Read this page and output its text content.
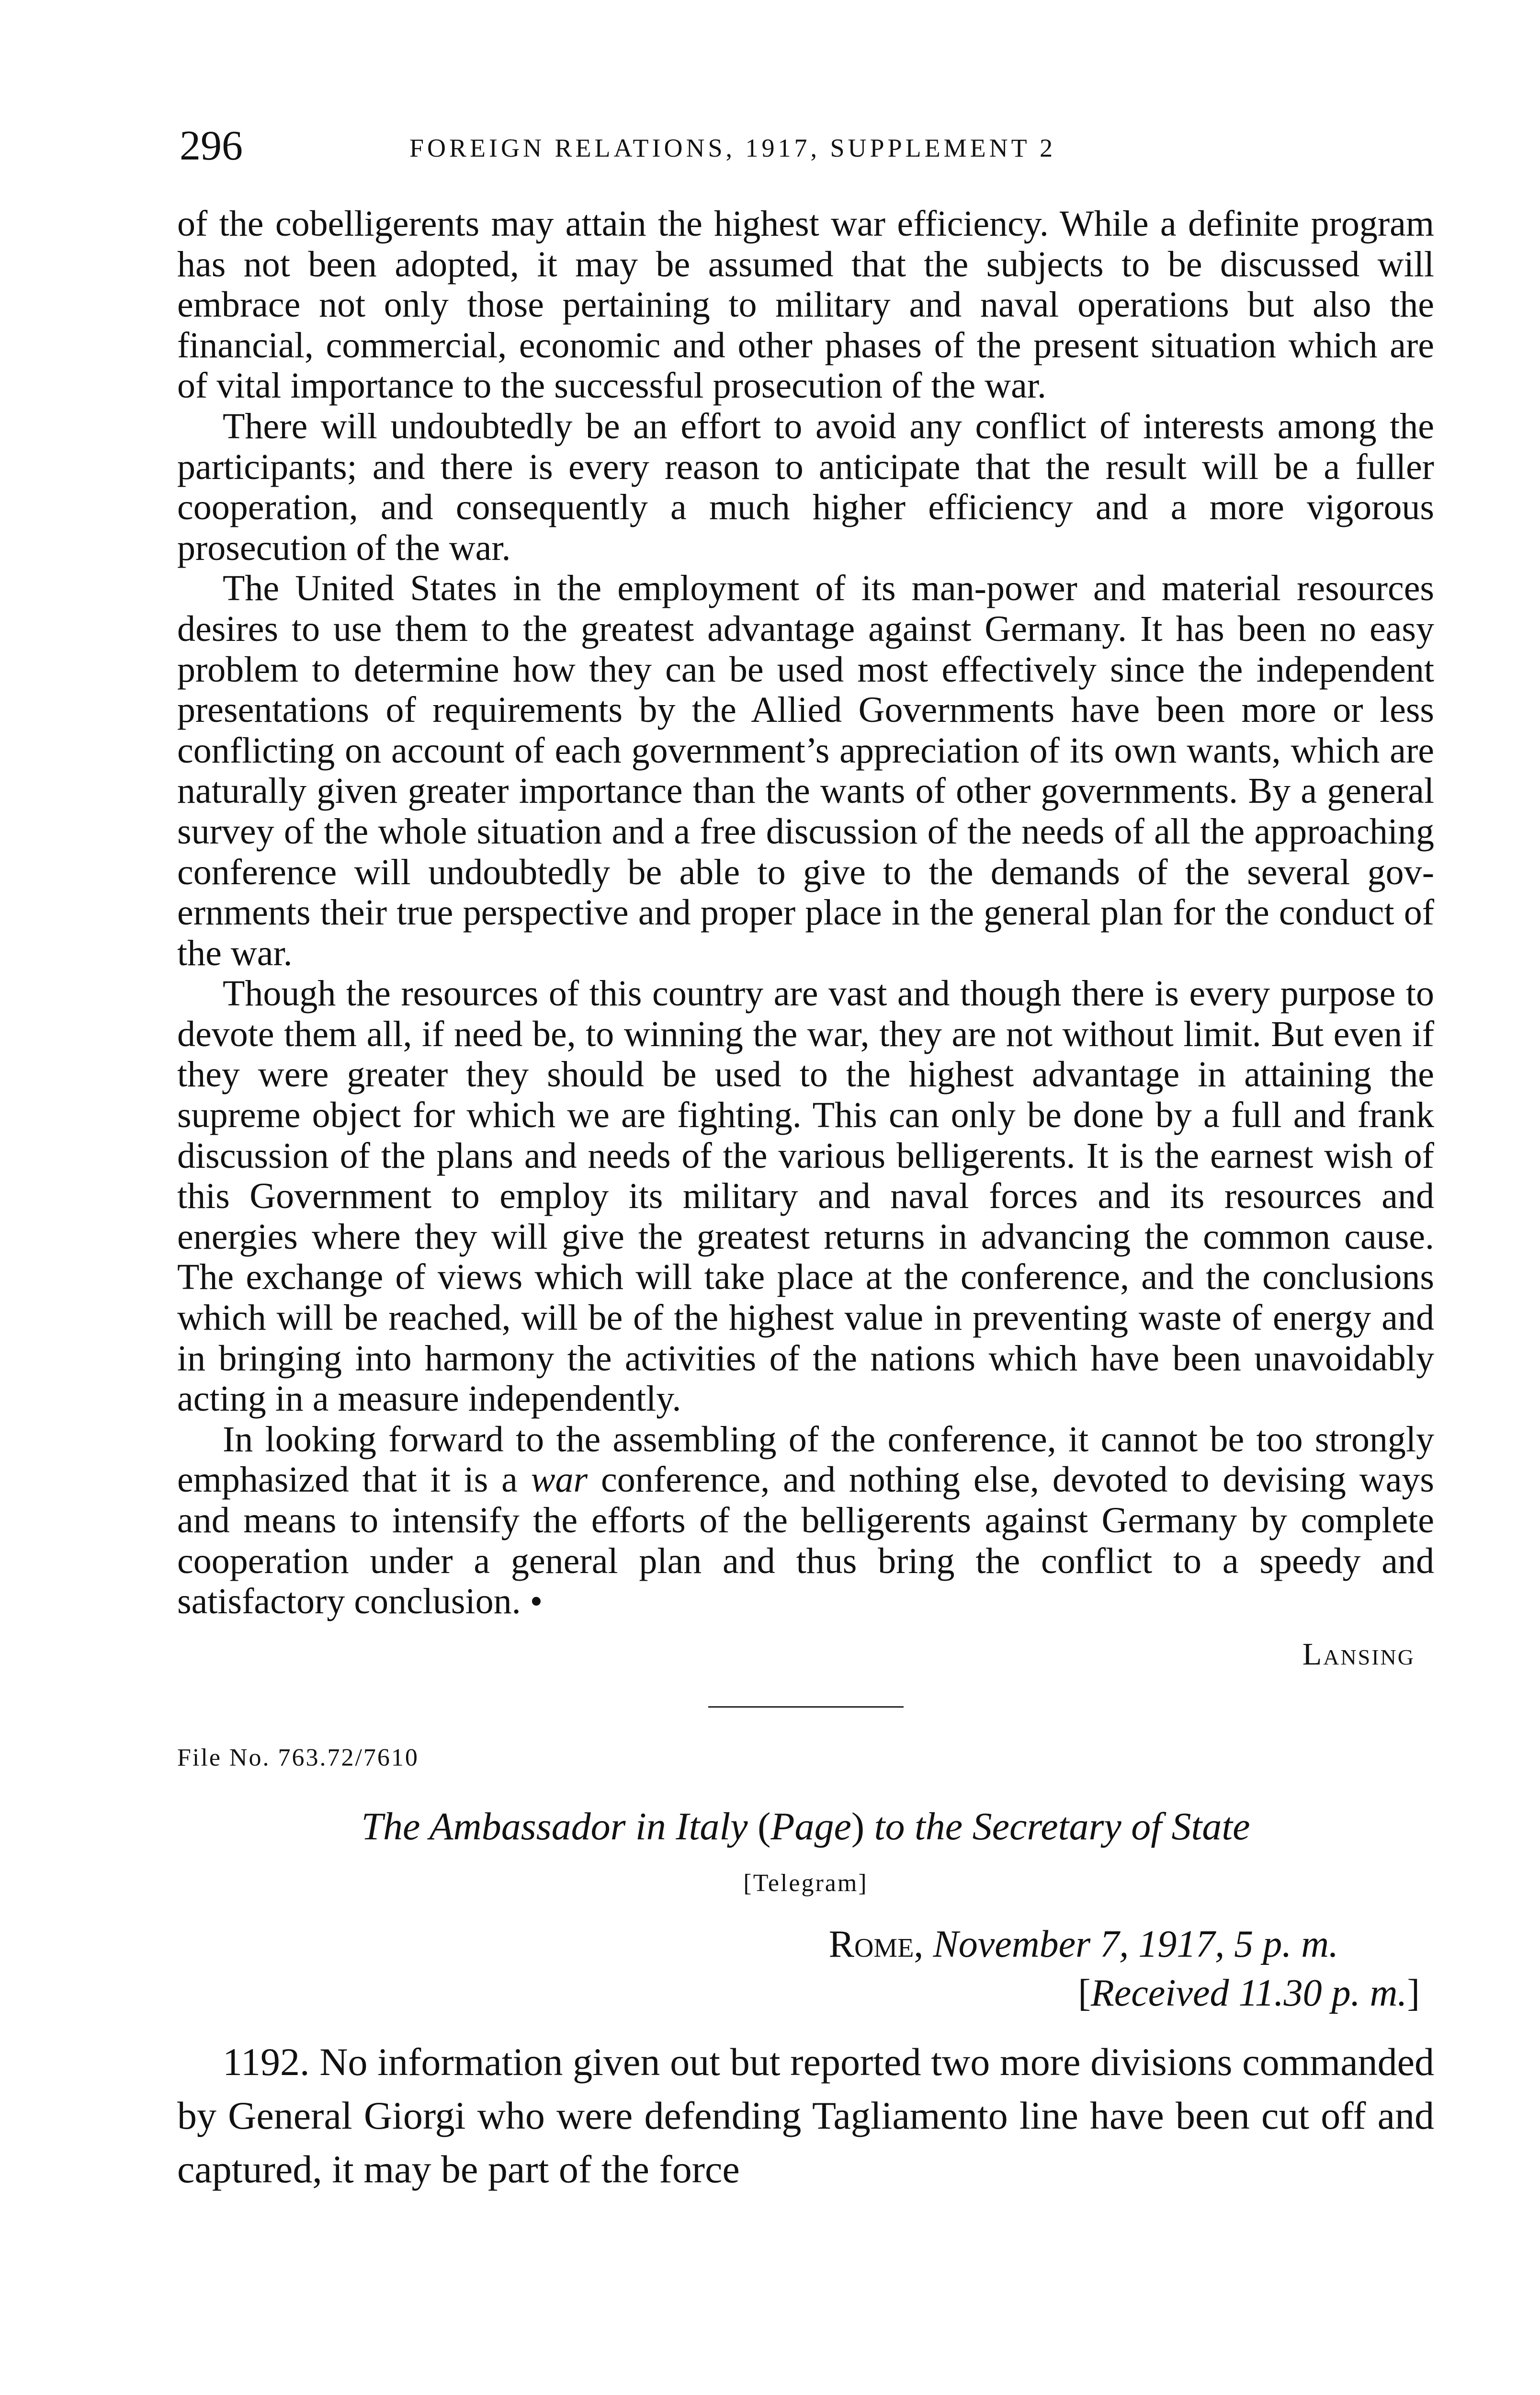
296	FOREIGN RELATIONS, 1917, SUPPLEMENT 2

of the cobelligerents may attain the highest war efficiency. While a definite program has not been adopted, it may be assumed that the subjects to be discussed will embrace not only those pertaining to military and naval operations but also the financial, commercial, economic and other phases of the present situation which are of vital importance to the successful prosecution of the war.

There will undoubtedly be an effort to avoid any conflict of interests among the participants; and there is every reason to anticipate that the result will be a fuller cooperation, and consequently a much higher efficiency and a more vigorous prosecution of the war.

The United States in the employment of its man-power and material resources desires to use them to the greatest advantage against Germany. It has been no easy problem to determine how they can be used most effectively since the independent presentations of requirements by the Allied Governments have been more or less conflicting on account of each government’s appreciation of its own wants, which are naturally given greater importance than the wants of other governments. By a general survey of the whole situation and a free discussion of the needs of all the approaching conference will undoubtedly be able to give to the demands of the several governments their true perspective and proper place in the general plan for the conduct of the war.

Though the resources of this country are vast and though there is every purpose to devote them all, if need be, to winning the war, they are not without limit. But even if they were greater they should be used to the highest advantage in attaining the supreme object for which we are fighting. This can only be done by a full and frank discussion of the plans and needs of the various belligerents. It is the earnest wish of this Government to employ its military and naval forces and its resources and energies where they will give the greatest returns in advancing the common cause. The exchange of views which will take place at the conference, and the conclusions which will be reached, will be of the highest value in preventing waste of energy and in bringing into harmony the activities of the nations which have been unavoidably acting in a measure independently.

In looking forward to the assembling of the conference, it cannot be too strongly emphasized that it is a war conference, and nothing else, devoted to devising ways and means to intensify the efforts of the belligerents against Germany by complete cooperation under a general plan and thus bring the conflict to a speedy and satisfactory conclusion. •

Lansing
File No. 763.72/7610
The Ambassador in Italy (Page) to the Secretary of State
[Telegram]
Rome, November 7, 1917, 5 p. m.
[Received 11.30 p. m.]

1192. No information given out but reported two more divisions commanded by General Giorgi who were defending Tagliamento line have been cut off and captured, it may be part of the force
